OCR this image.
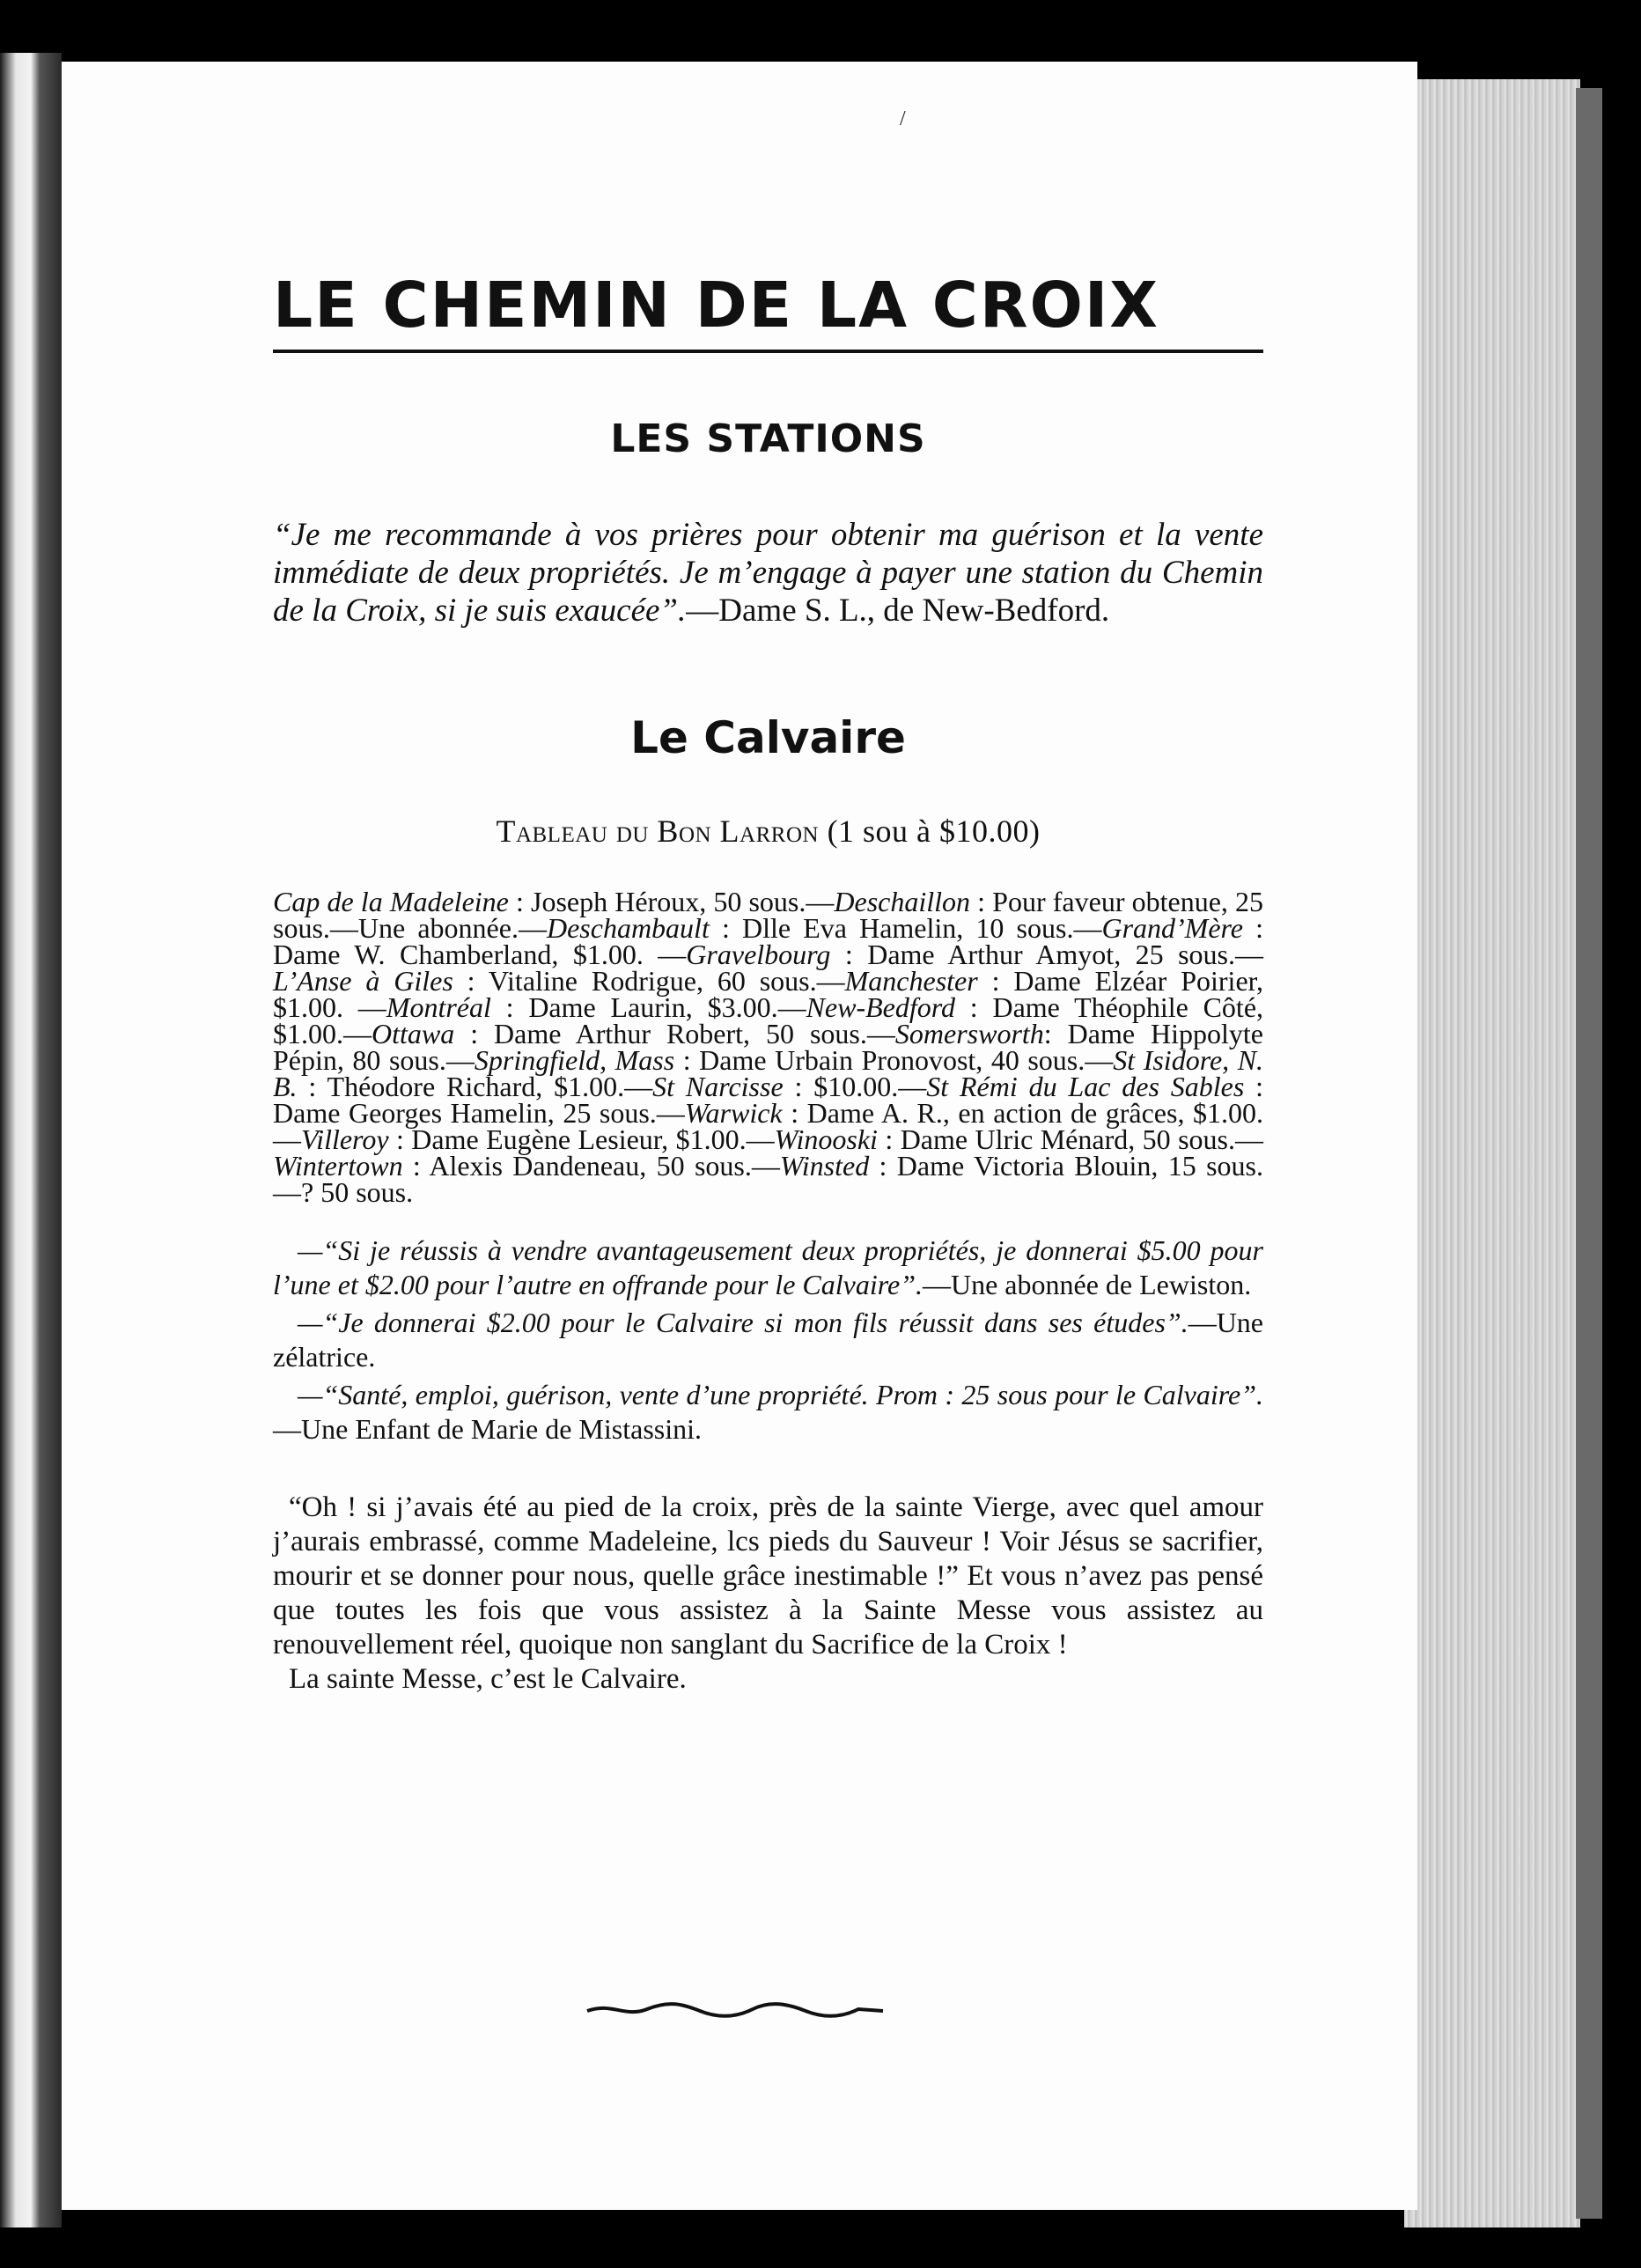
/
LE CHEMIN DE LA CROIX
LES STATIONS
“Je me recommande à vos prières pour obtenir ma guérison et la vente immédiate de deux propriétés. Je m’engage à payer une station du Chemin de la Croix, si je suis exaucée”.—Dame S. L., de New-Bedford.
Le Calvaire
Tableau du Bon Larron (1 sou à $10.00)
Cap de la Madeleine : Joseph Héroux, 50 sous.—Deschaillon : Pour faveur obtenue, 25 sous.—Une abonnée.—Deschambault : Dlle Eva Hamelin, 10 sous.—Grand’Mère : Dame W. Chamberland, $1.00. —Gravelbourg : Dame Arthur Amyot, 25 sous.—L’Anse à Giles : Vitaline Rodrigue, 60 sous.—Manchester : Dame Elzéar Poirier, $1.00. —Montréal : Dame Laurin, $3.00.—New-Bedford : Dame Théophile Côté, $1.00.—Ottawa : Dame Arthur Robert, 50 sous.—Somersworth: Dame Hippolyte Pépin, 80 sous.—Springfield, Mass : Dame Urbain Pronovost, 40 sous.—St Isidore, N. B. : Théodore Richard, $1.00.—St Narcisse : $10.00.—St Rémi du Lac des Sables : Dame Georges Hamelin, 25 sous.—Warwick : Dame A. R., en action de grâces, $1.00.—Villeroy : Dame Eugène Lesieur, $1.00.—Winooski : Dame Ulric Ménard, 50 sous.—Wintertown : Alexis Dandeneau, 50 sous.—Winsted : Dame Victoria Blouin, 15 sous.—? 50 sous.

—“Si je réussis à vendre avantageusement deux propriétés, je donnerai $5.00 pour l’une et $2.00 pour l’autre en offrande pour le Calvaire”.—Une abonnée de Lewiston.

—“Je donnerai $2.00 pour le Calvaire si mon fils réussit dans ses études”.—Une zélatrice.

—“Santé, emploi, guérison, vente d’une propriété. Prom : 25 sous pour le Calvaire”.—Une Enfant de Marie de Mistassini.

“Oh ! si j’avais été au pied de la croix, près de la sainte Vierge, avec quel amour j’aurais embrassé, comme Madeleine, lcs pieds du Sauveur ! Voir Jésus se sacrifier, mourir et se donner pour nous, quelle grâce inestimable !” Et vous n’avez pas pensé que toutes les fois que vous assistez à la Sainte Messe vous assistez au renouvellement réel, quoique non sanglant du Sacrifice de la Croix !

La sainte Messe, c’est le Calvaire.
